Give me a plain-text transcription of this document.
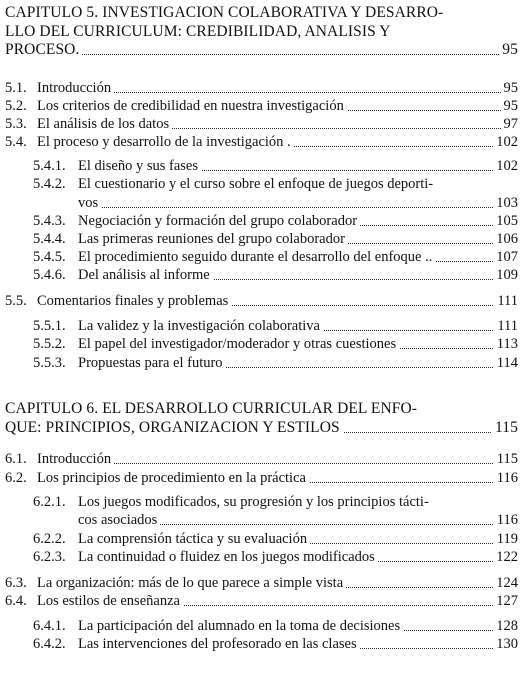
CAPITULO 5. INVESTIGACION COLABORATIVA Y DESARRO-
LLO DEL CURRICULUM: CREDIBILIDAD, ANALISIS Y
PROCESO.	95
5.1. Introducción	95
5.2. Los criterios de credibilidad en nuestra investigación	95
5.3. El análisis de los datos	97
5.4. El proceso y desarrollo de la investigación .	102
5.4.1. El diseño y sus fases	102
5.4.2. El cuestionario y el curso sobre el enfoque de juegos deporti-
vos	103
5.4.3. Negociación y formación del grupo colaborador	105
5.4.4. Las primeras reuniones del grupo colaborador	106
5.4.5. El procedimiento seguido durante el desarrollo del enfoque ..	107
5.4.6. Del análisis al informe	109
5.5. Comentarios finales y problemas	111
5.5.1. La validez y la investigación colaborativa	111
5.5.2. El papel del investigador/moderador y otras cuestiones	113
5.5.3. Propuestas para el futuro	114
CAPITULO 6. EL DESARROLLO CURRICULAR DEL ENFO-
QUE: PRINCIPIOS, ORGANIZACION Y ESTILOS	115
6.1. Introducción	115
6.2. Los principios de procedimiento en la práctica	116
6.2.1. Los juegos modificados, su progresión y los principios tácti-
cos asociados	116
6.2.2. La comprensión táctica y su evaluación	119
6.2.3. La continuidad o fluidez en los juegos modificados	122
6.3. La organización: más de lo que parece a simple vista	124
6.4. Los estilos de enseñanza	127
6.4.1. La participación del alumnado en la toma de decisiones	128
6.4.2. Las intervenciones del profesorado en las clases	130
